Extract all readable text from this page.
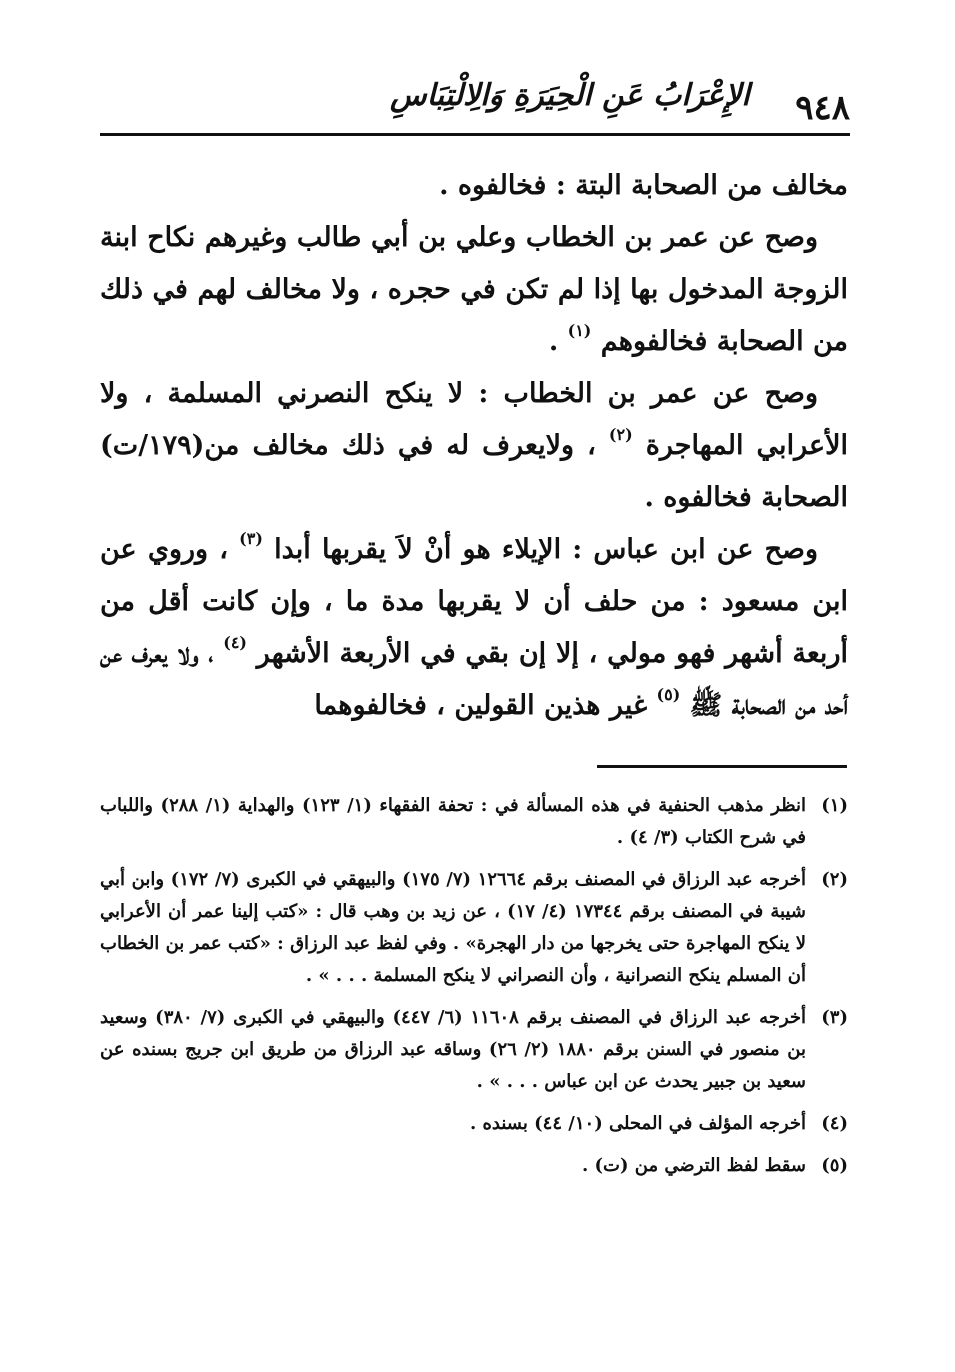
٩٤٨
الإِعْرَابُ عَنِ الْحِيَرَةِ وَالِالْتِبَاسِ

مخالف من الصحابة البتة : فخالفوه .

وصح عن عمر بن الخطاب وعلي بن أبي طالب وغيرهم نكاح ابنة الزوجة المدخول بها إذا لم تكن في حجره ، ولا مخالف لهم في ذلك من الصحابة فخالفوهم $^{(١)}$ .

وصح عن عمر بن الخطاب : لا ينكح النصرني المسلمة ، ولا الأعرابي المهاجرة $^{(٢)}$ ، ولايعرف له في ذلك مخالف من(١٧٩/ت) الصحابة فخالفوه .

وصح عن ابن عباس : الإيلاء هو أنْ لاَ يقربها أبدا $^{(٣)}$ ، وروي عن ابن مسعود : من حلف أن لا يقربها مدة ما ، وإن كانت أقل من أربعة أشهر فهو مولي ، إلا إن بقي في الأربعة الأشهر $^{(٤)}$ ، ولا يعرف عن أحد من الصحابة ﷺ $^{(٥)}$ غير هذين القولين ، فخالفوهما

(١)
انظر مذهب الحنفية في هذه المسألة في : تحفة الفقهاء (١/ ١٢٣) والهداية (١/ ٢٨٨) واللباب في شرح الكتاب (٣/ ٤) .
(٢)
أخرجه عبد الرزاق في المصنف برقم ١٢٦٦٤ (٧/ ١٧٥) والبيهقي في الكبرى (٧/ ١٧٢) وابن أبي شيبة في المصنف برقم ١٧٣٤٤ (٤/ ١٧) ، عن زيد بن وهب قال : «كتب إلينا عمر أن الأعرابي لا ينكح المهاجرة حتى يخرجها من دار الهجرة» . وفي لفظ عبد الرزاق : «كتب عمر بن الخطاب أن المسلم ينكح النصرانية ، وأن النصراني لا ينكح المسلمة . . . » .
(٣)
أخرجه عبد الرزاق في المصنف برقم ١١٦٠٨ (٦/ ٤٤٧) والبيهقي في الكبرى (٧/ ٣٨٠) وسعيد بن منصور في السنن برقم ١٨٨٠ (٢/ ٢٦) وساقه عبد الرزاق من طريق ابن جريج بسنده عن سعيد بن جبير يحدث عن ابن عباس . . . » .
(٤)
أخرجه المؤلف في المحلى (١٠/ ٤٤) بسنده .
(٥)
سقط لفظ الترضي من (ت) .
